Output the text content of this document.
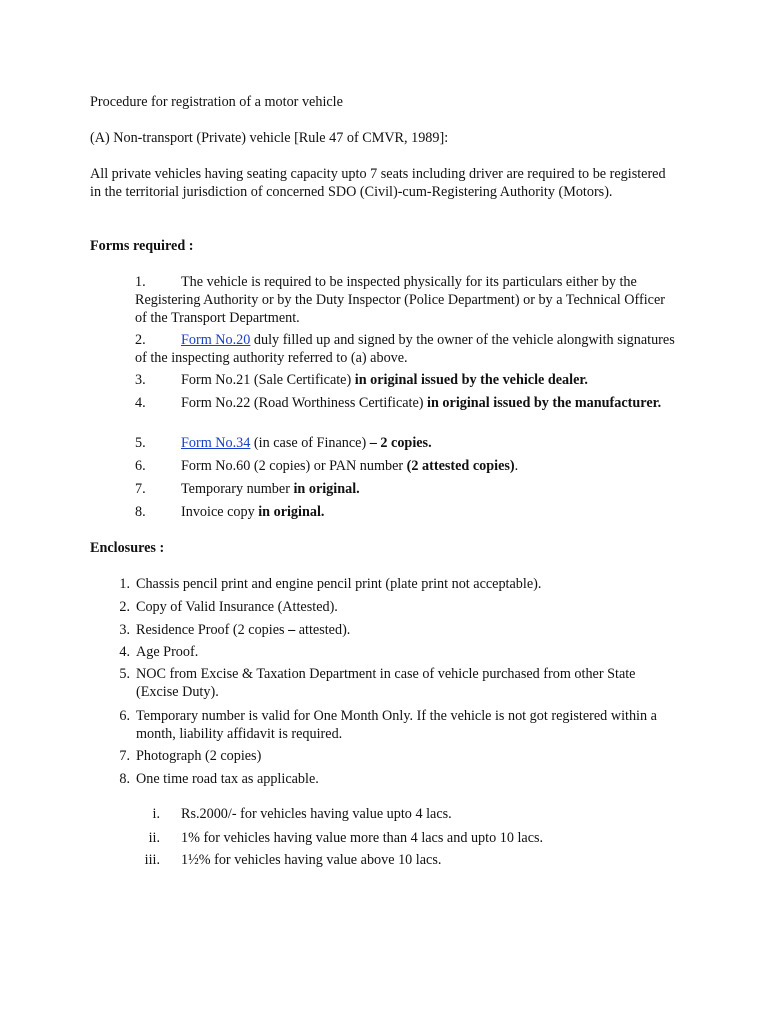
Procedure for registration of a motor vehicle
(A) Non-transport (Private) vehicle [Rule 47 of CMVR, 1989]:
All private vehicles having seating capacity upto 7 seats including driver are required to be registered in the territorial jurisdiction of concerned SDO (Civil)-cum-Registering Authority (Motors).
Forms required :
1. The vehicle is required to be inspected physically for its particulars either by the Registering Authority or by the Duty Inspector (Police Department) or by a Technical Officer of the Transport Department.
2. Form No.20 duly filled up and signed by the owner of the vehicle alongwith signatures of the inspecting authority referred to (a) above.
3. Form No.21 (Sale Certificate) in original issued by the vehicle dealer.
4. Form No.22 (Road Worthiness Certificate) in original issued by the manufacturer.
5. Form No.34 (in case of Finance) – 2 copies.
6. Form No.60 (2 copies) or PAN number (2 attested copies).
7. Temporary number in original.
8. Invoice copy in original.
Enclosures :
1. Chassis pencil print and engine pencil print (plate print not acceptable).
2. Copy of Valid Insurance (Attested).
3. Residence Proof (2 copies – attested).
4. Age Proof.
5. NOC from Excise & Taxation Department in case of vehicle purchased from other State (Excise Duty).
6. Temporary number is valid for One Month Only. If the vehicle is not got registered within a month, liability affidavit is required.
7. Photograph (2 copies)
8. One time road tax as applicable.
i. Rs.2000/- for vehicles having value upto 4 lacs.
ii. 1% for vehicles having value more than 4 lacs and upto 10 lacs.
iii. 1½% for vehicles having value above 10 lacs.
